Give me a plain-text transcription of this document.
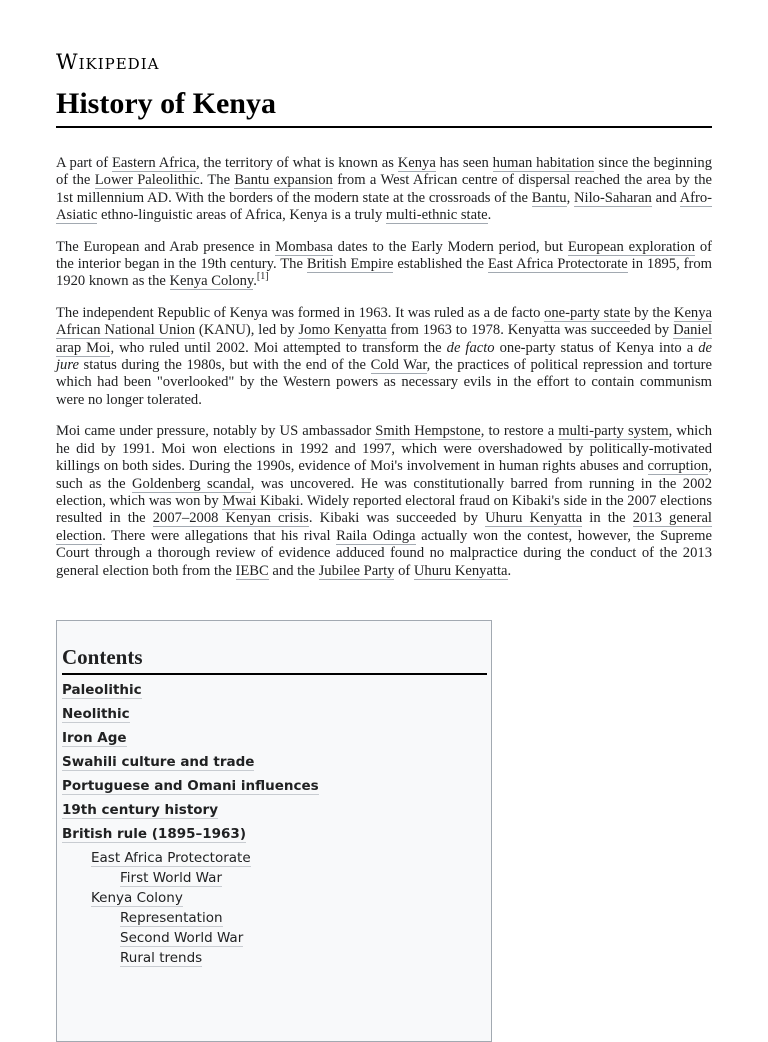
Wikipedia
History of Kenya

A part of Eastern Africa, the territory of what is known as Kenya has seen human habitation since the beginning of the Lower Paleolithic. The Bantu expansion from a West African centre of dispersal reached the area by the 1st millennium AD. With the borders of the modern state at the crossroads of the Bantu, Nilo-Saharan and Afro-Asiatic ethno-linguistic areas of Africa, Kenya is a truly multi-ethnic state.

The European and Arab presence in Mombasa dates to the Early Modern period, but European exploration of the interior began in the 19th century. The British Empire established the East Africa Protectorate in 1895, from 1920 known as the Kenya Colony.[1]

The independent Republic of Kenya was formed in 1963. It was ruled as a de facto one-party state by the Kenya African National Union (KANU), led by Jomo Kenyatta from 1963 to 1978. Kenyatta was succeeded by Daniel arap Moi, who ruled until 2002. Moi attempted to transform the de facto one-party status of Kenya into a de jure status during the 1980s, but with the end of the Cold War, the practices of political repression and torture which had been "overlooked" by the Western powers as necessary evils in the effort to contain communism were no longer tolerated.

Moi came under pressure, notably by US ambassador Smith Hempstone, to restore a multi-party system, which he did by 1991. Moi won elections in 1992 and 1997, which were overshadowed by politically-motivated killings on both sides. During the 1990s, evidence of Moi's involvement in human rights abuses and corruption, such as the Goldenberg scandal, was uncovered. He was constitutionally barred from running in the 2002 election, which was won by Mwai Kibaki. Widely reported electoral fraud on Kibaki's side in the 2007 elections resulted in the 2007–2008 Kenyan crisis. Kibaki was succeeded by Uhuru Kenyatta in the 2013 general election. There were allegations that his rival Raila Odinga actually won the contest, however, the Supreme Court through a thorough review of evidence adduced found no malpractice during the conduct of the 2013 general election both from the IEBC and the Jubilee Party of Uhuru Kenyatta.

Contents
Paleolithic
Neolithic
Iron Age
Swahili culture and trade
Portuguese and Omani influences
19th century history
British rule (1895–1963)
East Africa Protectorate
First World War
Kenya Colony
Representation
Second World War
Rural trends
